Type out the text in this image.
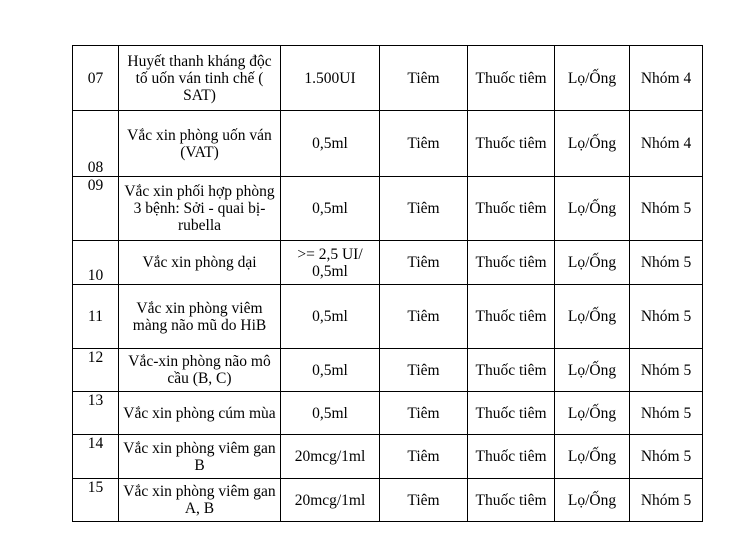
07	Huyết thanh kháng độc tố uốn ván tinh chế ( SAT)	1.500UI	Tiêm	Thuốc tiêm	Lọ/Ống	Nhóm 4
08	Vắc xin phòng uốn ván (VAT)	0,5ml	Tiêm	Thuốc tiêm	Lọ/Ống	Nhóm 4
09	Vắc xin phối hợp phòng 3 bệnh: Sởi - quai bị- rubella	0,5ml	Tiêm	Thuốc tiêm	Lọ/Ống	Nhóm 5
10	Vắc xin phòng dại	>= 2,5 UI/ 0,5ml	Tiêm	Thuốc tiêm	Lọ/Ống	Nhóm 5
11	Vắc xin phòng viêm màng não mũ do HiB	0,5ml	Tiêm	Thuốc tiêm	Lọ/Ống	Nhóm 5
12	Vắc-xin phòng não mô cầu (B, C)	0,5ml	Tiêm	Thuốc tiêm	Lọ/Ống	Nhóm 5
13	Vắc xin phòng cúm mùa	0,5ml	Tiêm	Thuốc tiêm	Lọ/Ống	Nhóm 5
14	Vắc xin phòng viêm gan B	20mcg/1ml	Tiêm	Thuốc tiêm	Lọ/Ống	Nhóm 5
15	Vắc xin phòng viêm gan A, B	20mcg/1ml	Tiêm	Thuốc tiêm	Lọ/Ống	Nhóm 5
